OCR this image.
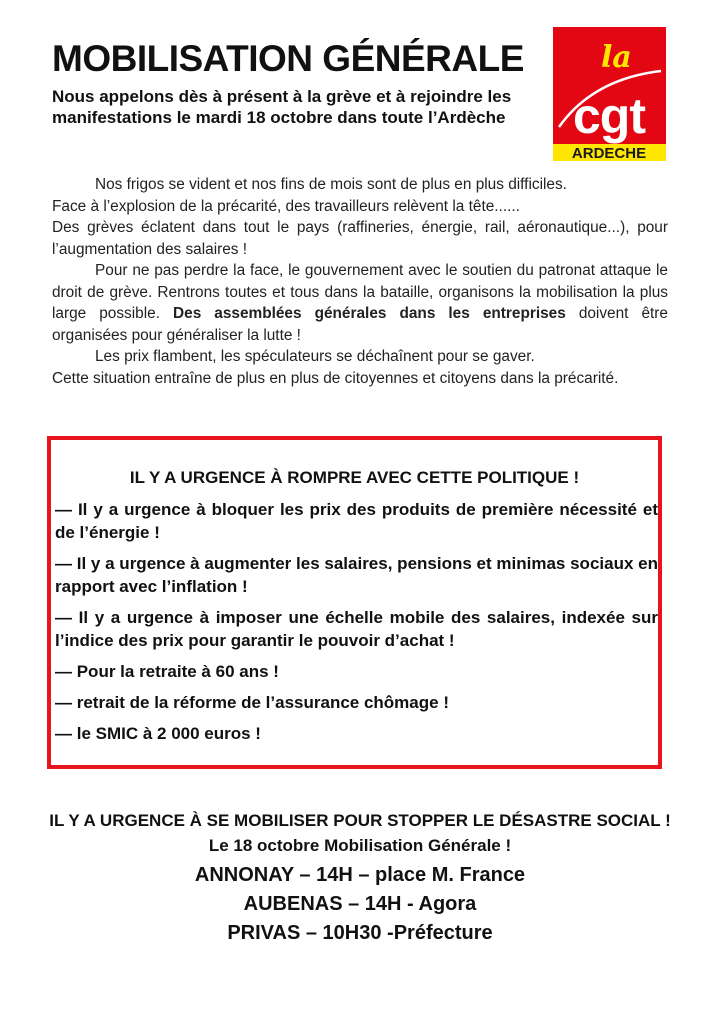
MOBILISATION GÉNÉRALE

Nous appelons dès à présent à la grève et à rejoindre les manifestations le mardi 18 octobre dans toute l’Ardèche

la
cgt
ARDECHE

Nos frigos se vident et nos fins de mois sont de plus en plus difficiles.

Face à l’explosion de la précarité, des travailleurs relèvent la tête......

Des grèves éclatent dans tout le pays (raffineries, énergie, rail, aéronautique...), pour l’augmentation des salaires !

Pour ne pas perdre la face, le gouvernement avec le soutien du patronat attaque le droit de grève. Rentrons toutes et tous dans la bataille, organisons la mobilisation la plus large possible. Des assemblées générales dans les entreprises doivent être organisées pour généraliser la lutte !

Les prix flambent, les spéculateurs se déchaînent pour se gaver.

Cette situation entraîne de plus en plus de citoyennes et citoyens dans la précarité.

IL Y A URGENCE À ROMPRE AVEC CETTE POLITIQUE !

— Il y a urgence à bloquer les prix des produits de première nécessité et de l’énergie !
— Il y a urgence à augmenter les salaires, pensions et minimas sociaux en rapport avec l’inflation !
— Il y a urgence à imposer une échelle mobile des salaires, indexée sur l’indice des prix pour garantir le pouvoir d’achat !
— Pour la retraite à 60 ans !
— retrait de la réforme de l’assurance chômage !
— le SMIC à 2 000 euros !

IL Y A URGENCE À SE MOBILISER POUR STOPPER LE DÉSASTRE SOCIAL ! Le 18 octobre Mobilisation Générale !

ANNONAY – 14H – place M. France
AUBENAS – 14H - Agora
PRIVAS – 10H30 -Préfecture
